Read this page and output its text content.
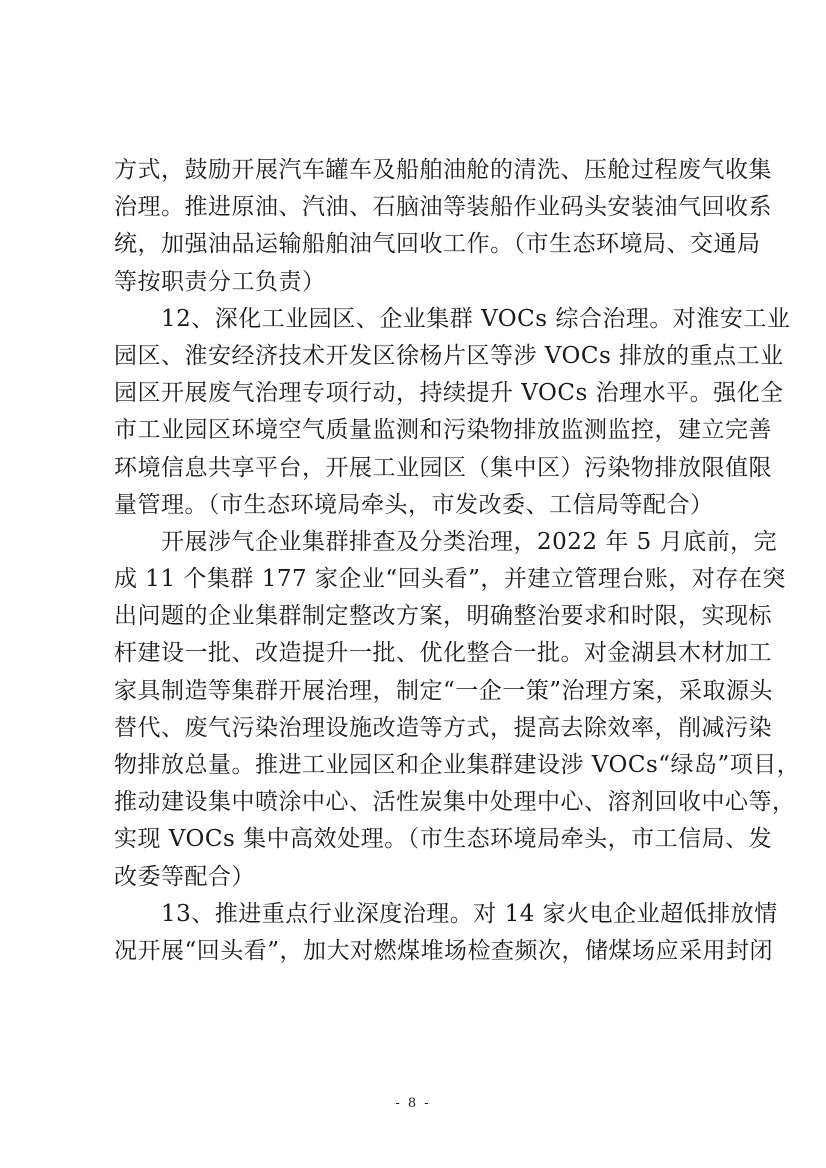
方式，鼓励开展汽车罐车及船舶油舱的清洗、压舱过程废气收集
治理。推进原油、汽油、石脑油等装船作业码头安装油气回收系
统，加强油品运输船舶油气回收工作。（市生态环境局、交通局
等按职责分工负责）
　　12、深化工业园区、企业集群 VOCs 综合治理。对淮安工业
园区、淮安经济技术开发区徐杨片区等涉 VOCs 排放的重点工业
园区开展废气治理专项行动，持续提升 VOCs 治理水平。强化全
市工业园区环境空气质量监测和污染物排放监测监控，建立完善
环境信息共享平台，开展工业园区（集中区）污染物排放限值限
量管理。（市生态环境局牵头，市发改委、工信局等配合）
　　开展涉气企业集群排查及分类治理，2022 年 5 月底前，完
成 11 个集群 177 家企业“回头看”，并建立管理台账，对存在突
出问题的企业集群制定整改方案，明确整治要求和时限，实现标
杆建设一批、改造提升一批、优化整合一批。对金湖县木材加工
家具制造等集群开展治理，制定“一企一策”治理方案，采取源头
替代、废气污染治理设施改造等方式，提高去除效率，削减污染
物排放总量。推进工业园区和企业集群建设涉 VOCs“绿岛”项目，
推动建设集中喷涂中心、活性炭集中处理中心、溶剂回收中心等，
实现 VOCs 集中高效处理。（市生态环境局牵头，市工信局、发
改委等配合）
　　13、推进重点行业深度治理。对 14 家火电企业超低排放情
况开展“回头看”，加大对燃煤堆场检查频次，储煤场应采用封闭
- 8 -
